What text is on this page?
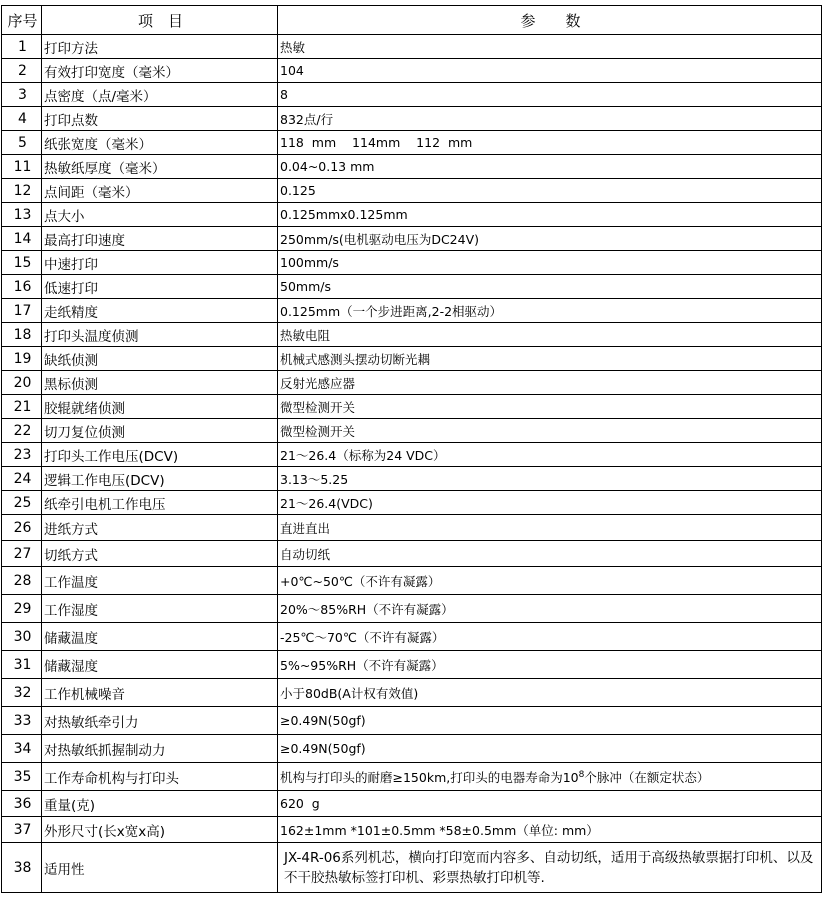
序号	项　目	参　　数
1	打印方法	热敏
2	有效打印宽度（毫米）	104
3	点密度（点/毫米）	8
4	打印点数	832点/行
5	纸张宽度（毫米）	118  mm    114mm    112  mm
11	热敏纸厚度（毫米）	0.04~0.13 mm
12	点间距（毫米）	0.125
13	点大小	0.125mmx0.125mm
14	最高打印速度	250mm/s(电机驱动电压为DC24V)
15	中速打印	100mm/s
16	低速打印	50mm/s
17	走纸精度	0.125mm（一个步进距离,2-2相驱动）
18	打印头温度侦测	热敏电阻
19	缺纸侦测	机械式感测头摆动切断光耦
20	黑标侦测	反射光感应器
21	胶辊就绪侦测	微型检测开关
22	切刀复位侦测	微型检测开关
23	打印头工作电压(DCV)	21～26.4（标称为24 VDC）
24	逻辑工作电压(DCV)	3.13～5.25
25	纸牵引电机工作电压	21～26.4(VDC)
26	进纸方式	直进直出
27	切纸方式	自动切纸
28	工作温度	+0℃~50℃（不许有凝露）
29	工作湿度	20%～85%RH（不许有凝露）
30	储藏温度	-25℃～70℃（不许有凝露）
31	储藏湿度	5%~95%RH（不许有凝露）
32	工作机械噪音	小于80dB(A计权有效值)
33	对热敏纸牵引力	≥0.49N(50gf)
34	对热敏纸抓握制动力	≥0.49N(50gf)
35	工作寿命机构与打印头	机构与打印头的耐磨≥150km,打印头的电器寿命为$10^8$个脉冲（在额定状态）
36	重量(克)	620  g
37	外形尺寸(长x宽x高)	162±1mm *101±0.5mm *58±0.5mm（单位: mm）
38	适用性	JX-4R-06系列机芯，横向打印宽而内容多、自动切纸，适用于高级热敏票据打印机、以及不干胶热敏标签打印机、彩票热敏打印机等.
